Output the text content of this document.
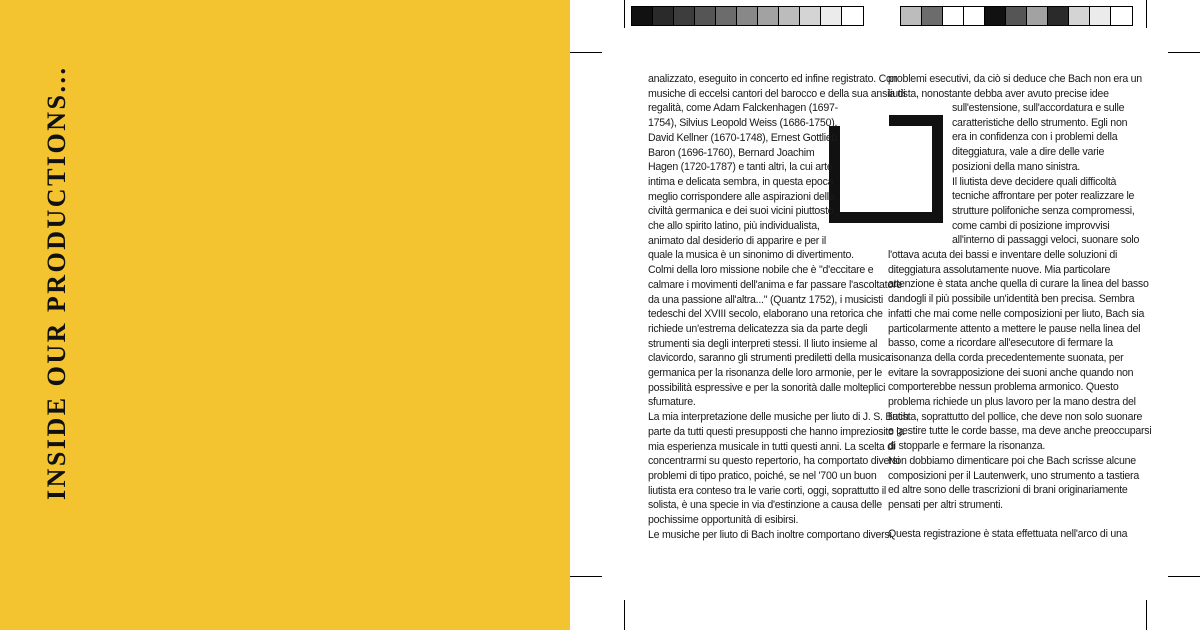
INSIDE OUR PRODUCTIONS...	analizzato, eseguito in concerto ed infine registrato. Con
musiche di eccelsi cantori del barocco e della sua ansia di
regalità, come Adam Falckenhagen (1697-
1754), Silvius Leopold Weiss (1686-1750),
David Kellner (1670-1748), Ernest Gottlieb
Baron (1696-1760), Bernard Joachim
Hagen (1720-1787) e tanti altri, la cui arte
intima e delicata sembra, in questa epoca
meglio corrispondere alle aspirazioni della
civiltà germanica e dei suoi vicini piuttosto
che allo spirito latino, più individualista,
animato dal desiderio di apparire e per il
quale la musica è un sinonimo di divertimento.
Colmi della loro missione nobile che è "d'eccitare e
calmare i movimenti dell'anima e far passare l'ascoltatore
da una passione all'altra..." (Quantz 1752), i musicisti
tedeschi del XVIII secolo, elaborano una retorica che
richiede un'estrema delicatezza sia da parte degli
strumenti sia degli interpreti stessi. Il liuto insieme al
clavicordo, saranno gli strumenti prediletti della musica
germanica per la risonanza delle loro armonie, per le
possibilità espressive e per la sonorità dalle molteplici
sfumature.
La mia interpretazione delle musiche per liuto di J. S. Bach
parte da tutti questi presupposti che hanno impreziosito la
mia esperienza musicale in tutti questi anni. La scelta di
concentrarmi su questo repertorio, ha comportato diversi
problemi di tipo pratico, poiché, se nel '700 un buon
liutista era conteso tra le varie corti, oggi, soprattutto il
solista, è una specie in via d'estinzione a causa delle
pochissime opportunità di esibirsi.
Le musiche per liuto di Bach inoltre comportano diversi
problemi esecutivi, da ciò si deduce che Bach non era un
liutista, nonostante debba aver avuto precise idee
sull'estensione, sull'accordatura e sulle
caratteristiche dello strumento. Egli non
era in confidenza con i problemi della
diteggiatura, vale a dire delle varie
posizioni della mano sinistra.
Il liutista deve decidere quali difficoltà
tecniche affrontare per poter realizzare le
strutture polifoniche senza compromessi,
come cambi di posizione improvvisi
all'interno di passaggi veloci, suonare solo
l'ottava acuta dei bassi e inventare delle soluzioni di
diteggiatura assolutamente nuove. Mia particolare
attenzione è stata anche quella di curare la linea del basso
dandogli il più possibile un'identità ben precisa. Sembra
infatti che mai come nelle composizioni per liuto, Bach sia
particolarmente attento a mettere le pause nella linea del
basso, come a ricordare all'esecutore di fermare la
risonanza della corda precedentemente suonata, per
evitare la sovrapposizione dei suoni anche quando non
comporterebbe nessun problema armonico. Questo
problema richiede un plus lavoro per la mano destra del
liutista, soprattutto del pollice, che deve non solo suonare
e gestire tutte le corde basse, ma deve anche preoccuparsi
di stopparle e fermare la risonanza.
Non dobbiamo dimenticare poi che Bach scrisse alcune
composizioni per il Lautenwerk, uno strumento a tastiera
ed altre sono delle trascrizioni di brani originariamente
pensati per altri strumenti.

Questa registrazione è stata effettuata nell'arco di una
